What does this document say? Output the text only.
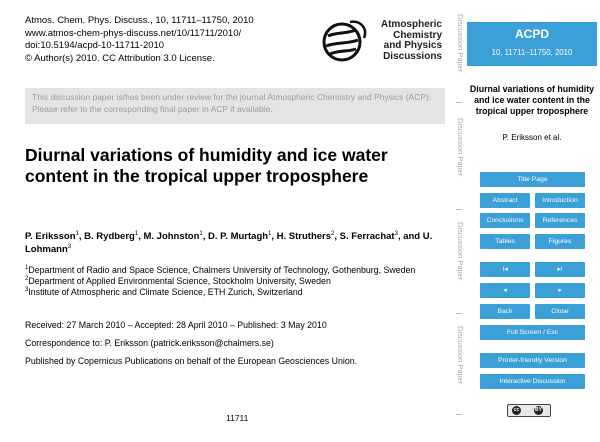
Atmos. Chem. Phys. Discuss., 10, 11711–11750, 2010
www.atmos-chem-phys-discuss.net/10/11711/2010/
doi:10.5194/acpd-10-11711-2010
© Author(s) 2010. CC Attribution 3.0 License.
Atmospheric
Chemistry
and Physics
Discussions
This discussion paper is/has been under review for the journal Atmospheric Chemistry and Physics (ACP). Please refer to the corresponding final paper in ACP if available.
Diurnal variations of humidity and ice water content in the tropical upper troposphere
P. Eriksson$^1$, B. Rydberg$^1$, M. Johnston$^1$, D. P. Murtagh$^1$, H. Struthers$^2$, S. Ferrachat$^3$, and U. Lohmann$^3$
$^1$Department of Radio and Space Science, Chalmers University of Technology, Gothenburg, Sweden
$^2$Department of Applied Environmental Science, Stockholm University, Sweden
$^3$Institute of Atmospheric and Climate Science, ETH Zurich, Switzerland
Received: 27 March 2010 – Accepted: 28 April 2010 – Published: 3 May 2010
Correspondence to: P. Eriksson (patrick.eriksson@chalmers.se)
Published by Copernicus Publications on behalf of the European Geosciences Union.
11711
Discussion Paper
Discussion Paper
Discussion Paper
Discussion Paper
ACPD
10, 11711–11750, 2010
Diurnal variations of humidity and ice water content in the tropical upper troposphere
P. Eriksson et al.
Title Page
Abstract	Introduction
Conclusions	References
Tables	Figures
I◂	▸I
◂	▸
Back	Close
Full Screen / Esc
Printer-friendly Version
Interactive Discussion
cc	BY
